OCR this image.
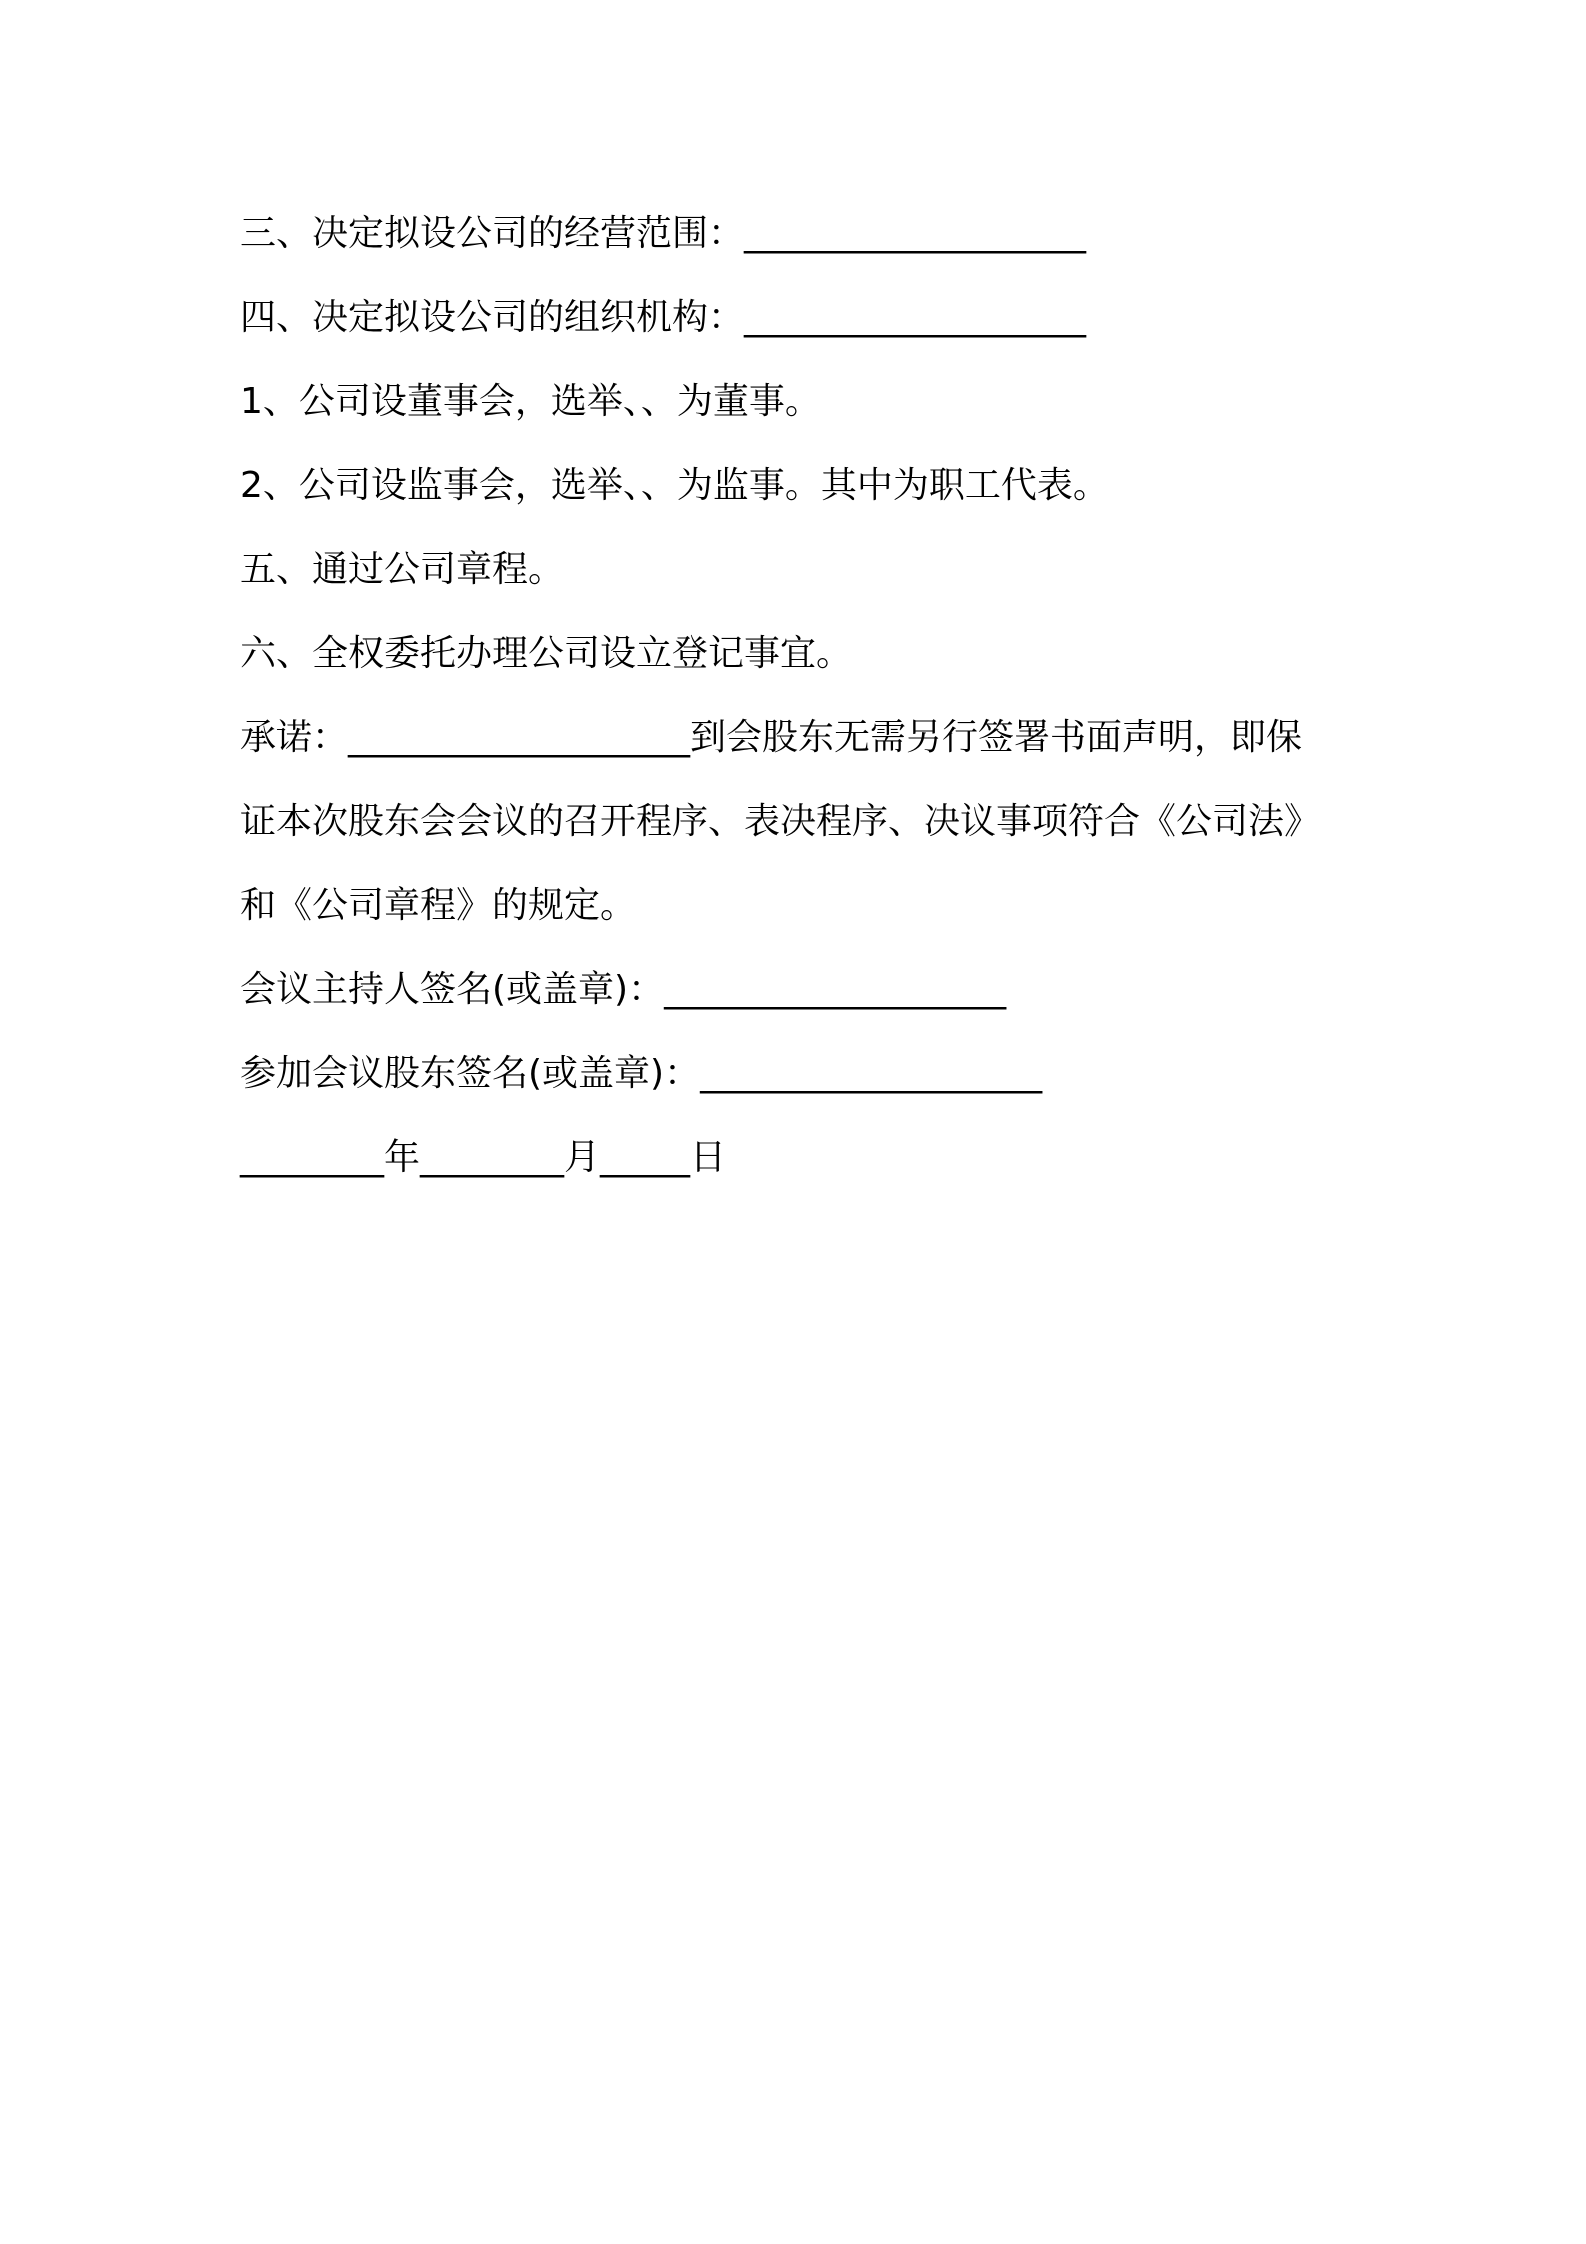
三、决定拟设公司的经营范围：___________________
四、决定拟设公司的组织机构：___________________
1、公司设董事会，选举、、为董事。
2、公司设监事会，选举、、为监事。其中为职工代表。
五、通过公司章程。
六、全权委托办理公司设立登记事宜。
承诺：___________________到会股东无需另行签署书面声明，即保
证本次股东会会议的召开程序、表决程序、决议事项符合《公司法》
和《公司章程》的规定。
会议主持人签名(或盖章)：___________________
参加会议股东签名(或盖章)：___________________
________年________月_____日
